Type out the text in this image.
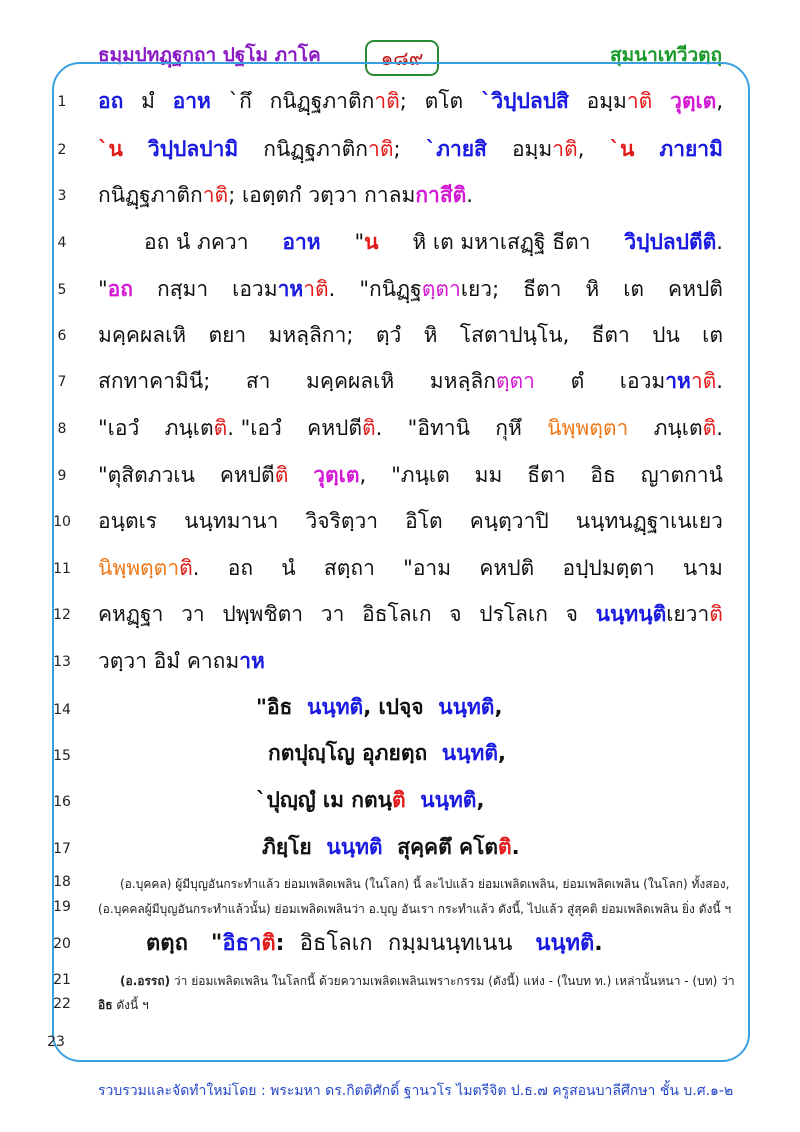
ธมฺมปทฏฺฐกถา ปฐโม ภาโค	๑๘๙	สุมนาเทวีวตฺถุ
1
2
3
4
5
6
7
8
9
10
11
12
13
14
15
16
17
18
19
20
21
22
23
อถ มํ อาห `กึ กนิฏฺฐภาติกาติ; ตโต `วิปฺปลปสิ อมฺมาติ วุตฺเต,
`น วิปฺปลปามิ กนิฏฺฐภาติกาติ; `ภายสิ อมฺมาติ, `น ภายามิ
กนิฏฺฐภาติกาติ; เอตฺตกํ วตฺวา กาลมกาสีติ.
อถ นํ ภควา อาห "น หิ เต มหาเสฏฺฐิ ธีตา วิปฺปลปตีติ.
"อถ กสฺมา เอวมาหาติ. "กนิฏฺฐตฺตาเยว; ธีตา หิ เต คหปติ
มคฺคผลเหิ ตยา มหลฺลิกา; ตฺวํ หิ โสตาปนฺโน, ธีตา ปน เต
สกทาคามินี; สา มคฺคผลเหิ มหลฺลิกตฺตา ตํ เอวมาหาติ.
"เอวํ ภนฺเตติ. "เอวํ คหปตีติ. "อิทานิ กุหึ นิพฺพตฺตา ภนฺเตติ.
"ตุสิตภวเน คหปตีติ วุตฺเต, "ภนฺเต มม ธีตา อิธ ญาตกานํ
อนฺตเร นนฺทมานา วิจริตฺวา อิโต คนฺตฺวาปิ นนฺทนฏฺฐาเนเยว
นิพฺพตฺตาติ. อถ นํ สตฺถา "อาม คหปติ อปฺปมตฺตา นาม
คหฏฺฐา วา ปพฺพชิตา วา อิธโลเก จ ปรโลเก จ นนฺทนฺติเยวาติ
วตฺวา อิมํ คาถมาห
"อิธ นนฺทติ, เปจฺจ นนฺทติ,
กตปุญฺโญ อุภยตฺถ นนฺทติ,
`ปุญฺญํ เม กตนฺติ นนฺทติ,
ภิยฺโย นนฺทติ สุคฺคตึ คโตติ.
(อ.บุคคล) ผู้มีบุญอันกระทำแล้ว ย่อมเพลิดเพลิน (ในโลก) นี้ ละไปแล้ว ย่อมเพลิดเพลิน, ย่อมเพลิดเพลิน (ในโลก) ทั้งสอง,
(อ.บุคคลผู้มีบุญอันกระทำแล้วนั้น) ย่อมเพลิดเพลินว่า อ.บุญ อันเรา กระทำแล้ว ดังนี้, ไปแล้ว สู่สุคติ ย่อมเพลิดเพลิน ยิ่ง ดังนี้ ฯ
ตตฺถ "อิธาติ: อิธโลเก กมฺมนนฺทเนน นนฺทติ.
(อ.อรรถ) ว่า ย่อมเพลิดเพลิน ในโลกนี้ ด้วยความเพลิดเพลินเพราะกรรม (ดังนี้) แห่ง - (ในบท ท.) เหล่านั้นหนา - (บท) ว่า
อิธ ดังนี้ ฯ
รวบรวมและจัดทำใหม่โดย : พระมหา ดร.กิตติศักดิ์ ฐานวโร ไมตรีจิต ป.ธ.๗ ครูสอนบาลีศึกษา ชั้น บ.ศ.๑-๒
